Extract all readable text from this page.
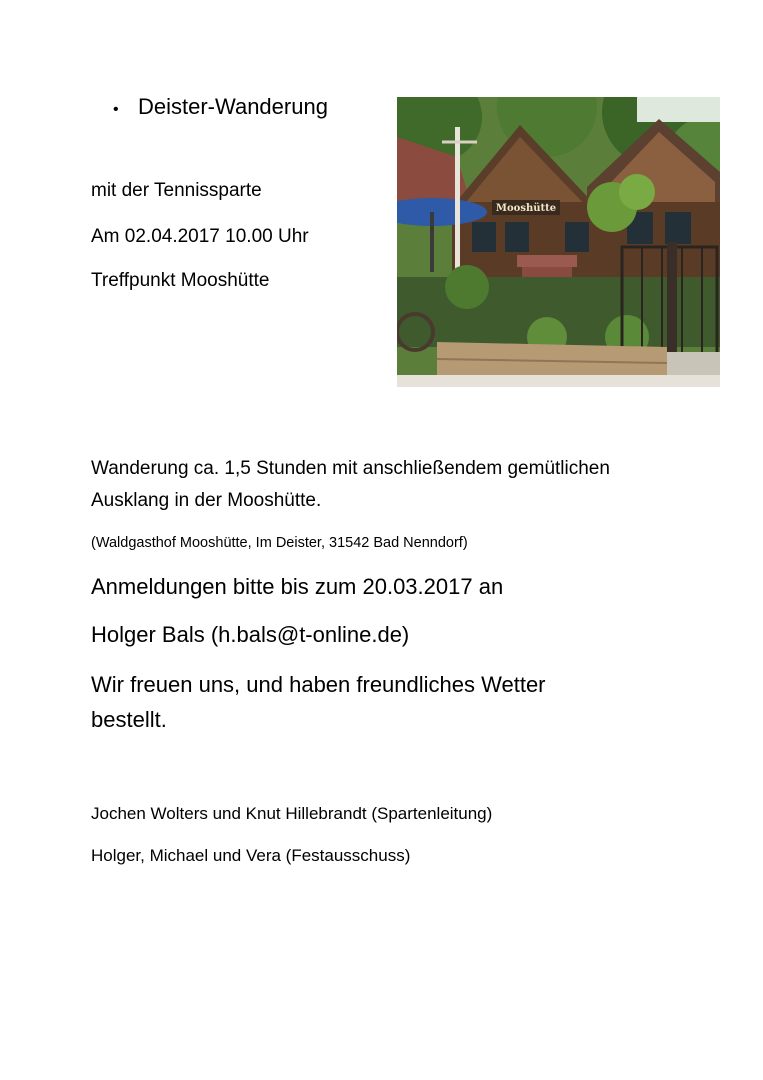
• Deister-Wanderung
mit der Tennissparte
Am 02.04.2017 10.00 Uhr
Treffpunkt Mooshütte
Mooshütte
Wanderung ca. 1,5 Stunden mit anschließendem gemütlichen
Ausklang in der Mooshütte.
(Waldgasthof Mooshütte, Im Deister, 31542 Bad Nenndorf)
Anmeldungen bitte bis zum 20.03.2017 an
Holger Bals (h.bals@t-online.de)
Wir freuen uns, und haben freundliches Wetter
bestellt.
Jochen Wolters und Knut Hillebrandt (Spartenleitung)
Holger, Michael und Vera (Festausschuss)
